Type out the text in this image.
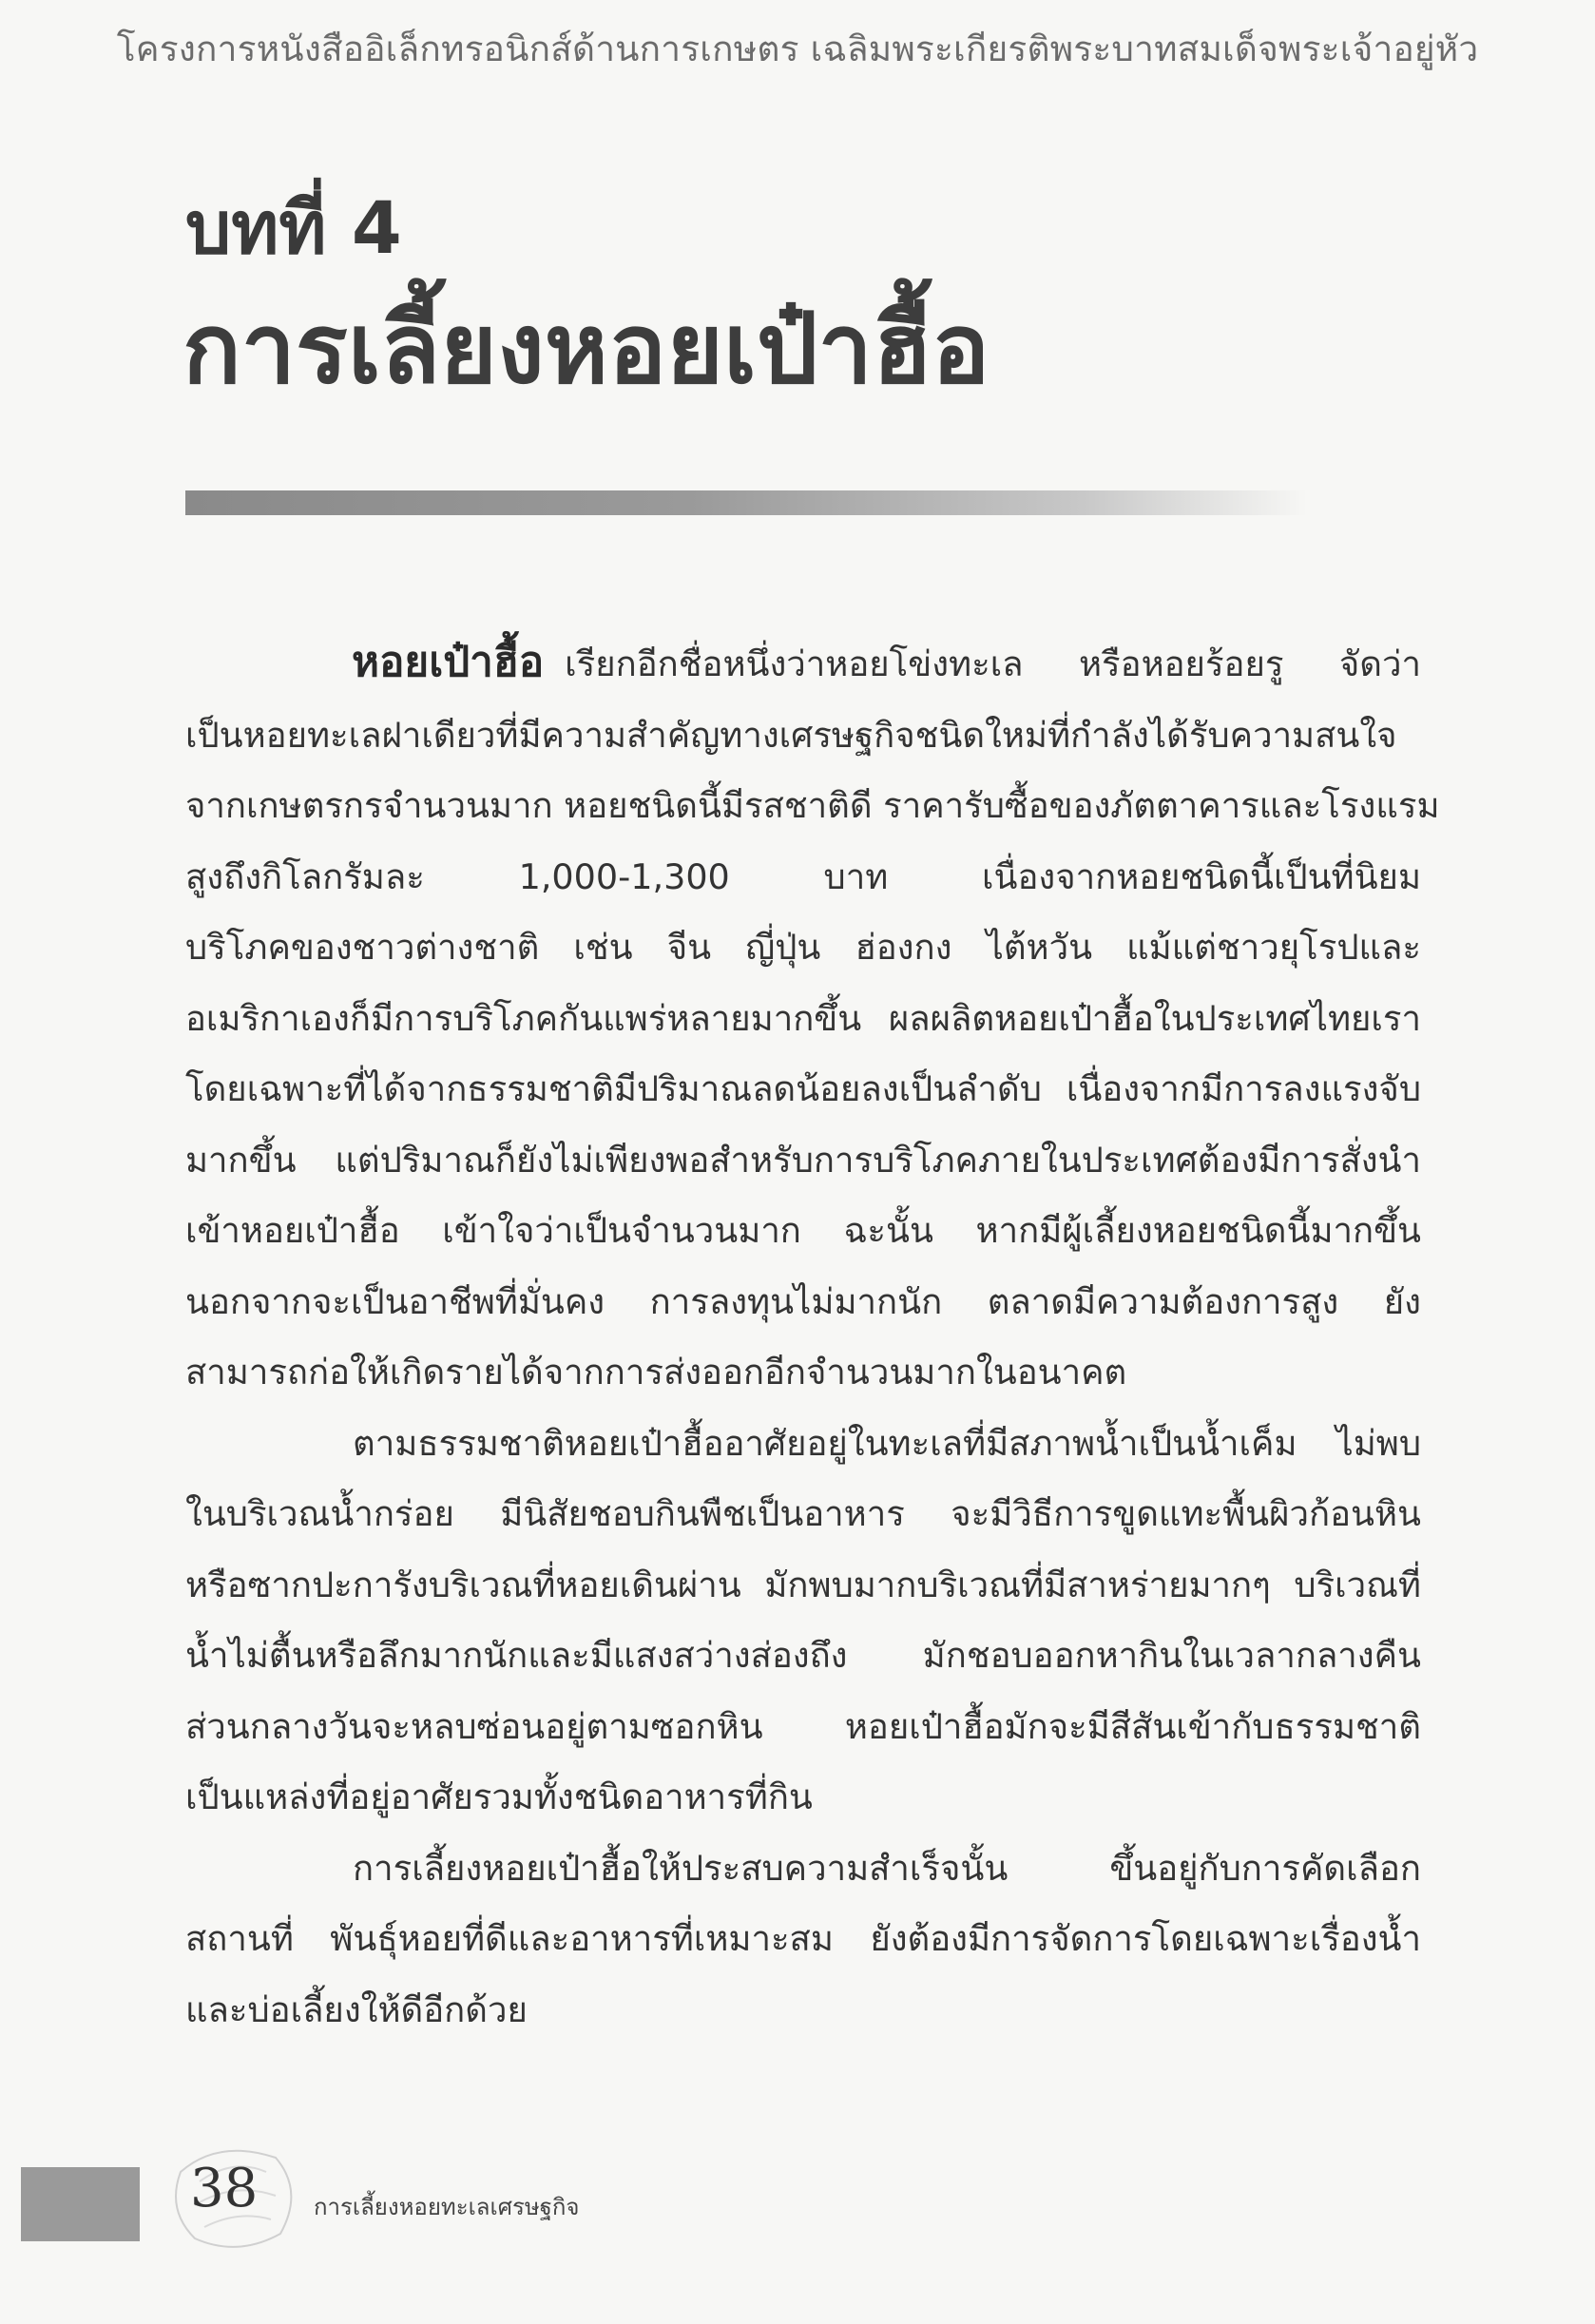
โครงการหนังสืออิเล็กทรอนิกส์ด้านการเกษตร เฉลิมพระเกียรติพระบาทสมเด็จพระเจ้าอยู่หัว
บทที่ 4
การเลี้ยงหอยเป๋าฮื้อ

หอยเป๋าฮื้อ เรียกอีกชื่อหนึ่งว่าหอยโข่งทะเล หรือหอยร้อยรู จัดว่า
เป็นหอยทะเลฝาเดียวที่มีความสำคัญทางเศรษฐกิจชนิดใหม่ที่กำลังได้รับความสนใจ
จากเกษตรกรจำนวนมาก หอยชนิดนี้มีรสชาติดี ราคารับซื้อของภัตตาคารและโรงแรม
สูงถึงกิโลกรัมละ 1,000-1,300 บาท เนื่องจากหอยชนิดนี้เป็นที่นิยม
บริโภคของชาวต่างชาติ เช่น จีน ญี่ปุ่น ฮ่องกง ไต้หวัน แม้แต่ชาวยุโรปและ
อเมริกาเองก็มีการบริโภคกันแพร่หลายมากขึ้น ผลผลิตหอยเป๋าฮื้อในประเทศไทยเรา
โดยเฉพาะที่ได้จากธรรมชาติมีปริมาณลดน้อยลงเป็นลำดับ เนื่องจากมีการลงแรงจับ
มากขึ้น แต่ปริมาณก็ยังไม่เพียงพอสำหรับการบริโภคภายในประเทศต้องมีการสั่งนำ
เข้าหอยเป๋าฮื้อ เข้าใจว่าเป็นจำนวนมาก ฉะนั้น หากมีผู้เลี้ยงหอยชนิดนี้มากขึ้น
นอกจากจะเป็นอาชีพที่มั่นคง การลงทุนไม่มากนัก ตลาดมีความต้องการสูง ยัง
สามารถก่อให้เกิดรายได้จากการส่งออกอีกจำนวนมากในอนาคต

ตามธรรมชาติหอยเป๋าฮื้ออาศัยอยู่ในทะเลที่มีสภาพน้ำเป็นน้ำเค็ม ไม่พบ
ในบริเวณน้ำกร่อย มีนิสัยชอบกินพืชเป็นอาหาร จะมีวิธีการขูดแทะพื้นผิวก้อนหิน
หรือซากปะการังบริเวณที่หอยเดินผ่าน มักพบมากบริเวณที่มีสาหร่ายมากๆ บริเวณที่
น้ำไม่ตื้นหรือลึกมากนักและมีแสงสว่างส่องถึง มักชอบออกหากินในเวลากลางคืน
ส่วนกลางวันจะหลบซ่อนอยู่ตามซอกหิน หอยเป๋าฮื้อมักจะมีสีสันเข้ากับธรรมชาติ
เป็นแหล่งที่อยู่อาศัยรวมทั้งชนิดอาหารที่กิน

การเลี้ยงหอยเป๋าฮื้อให้ประสบความสำเร็จนั้น ขึ้นอยู่กับการคัดเลือก
สถานที่ พันธุ์หอยที่ดีและอาหารที่เหมาะสม ยังต้องมีการจัดการโดยเฉพาะเรื่องน้ำ
และบ่อเลี้ยงให้ดีอีกด้วย

38 การเลี้ยงหอยทะเลเศรษฐกิจ
